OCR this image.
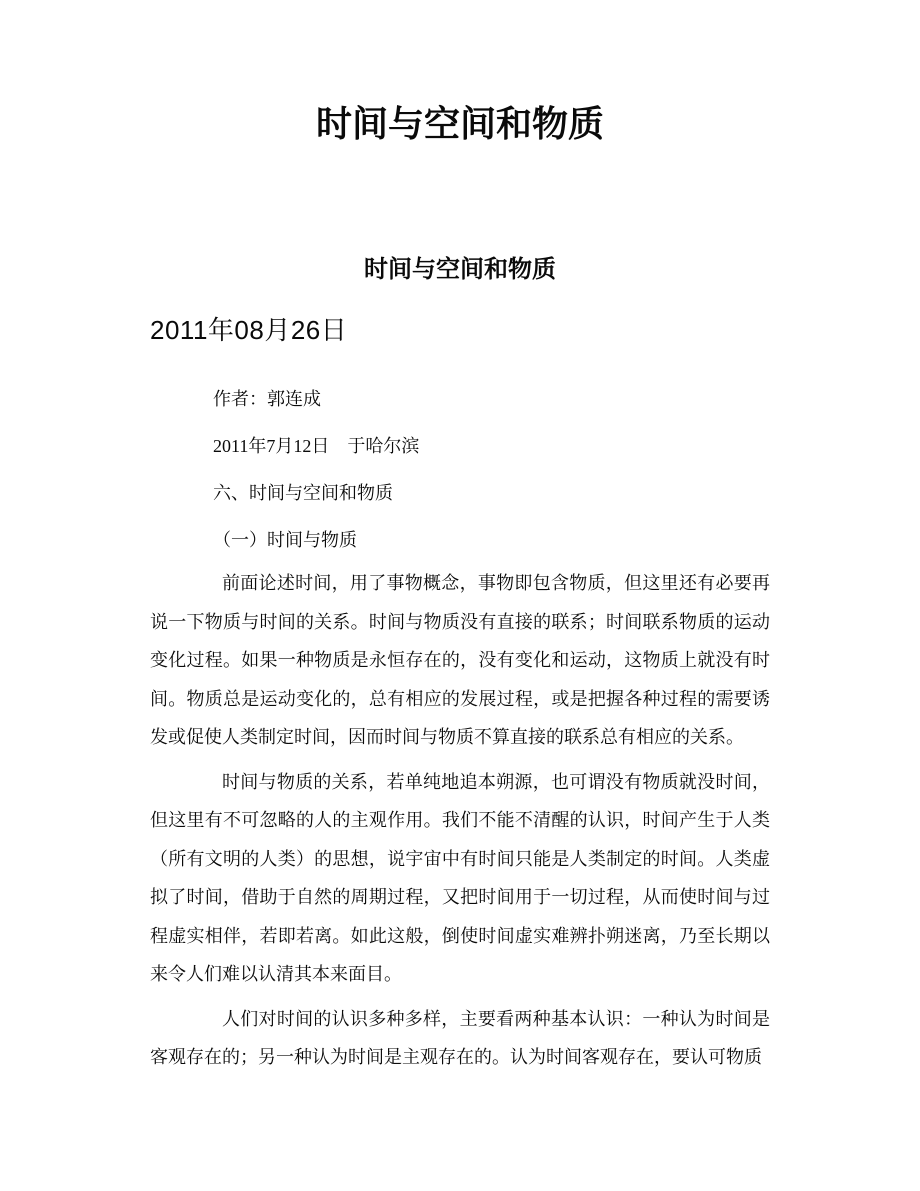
时间与空间和物质
时间与空间和物质

2011年08月26日

作者：郭连成

2011年7月12日　于哈尔滨

六、时间与空间和物质

（一）时间与物质

前面论述时间，用了事物概念，事物即包含物质，但这里还有必要再说一下物质与时间的关系。时间与物质没有直接的联系；时间联系物质的运动变化过程。如果一种物质是永恒存在的，没有变化和运动，这物质上就没有时间。物质总是运动变化的，总有相应的发展过程，或是把握各种过程的需要诱发或促使人类制定时间，因而时间与物质不算直接的联系总有相应的关系。

时间与物质的关系，若单纯地追本朔源，也可谓没有物质就没时间，但这里有不可忽略的人的主观作用。我们不能不清醒的认识，时间产生于人类（所有文明的人类）的思想，说宇宙中有时间只能是人类制定的时间。人类虚拟了时间，借助于自然的周期过程，又把时间用于一切过程，从而使时间与过程虚实相伴，若即若离。如此这般，倒使时间虚实难辨扑朔迷离，乃至长期以来令人们难以认清其本来面目。

人们对时间的认识多种多样，主要看两种基本认识：一种认为时间是客观存在的；另一种认为时间是主观存在的。认为时间客观存在，要认可物质
